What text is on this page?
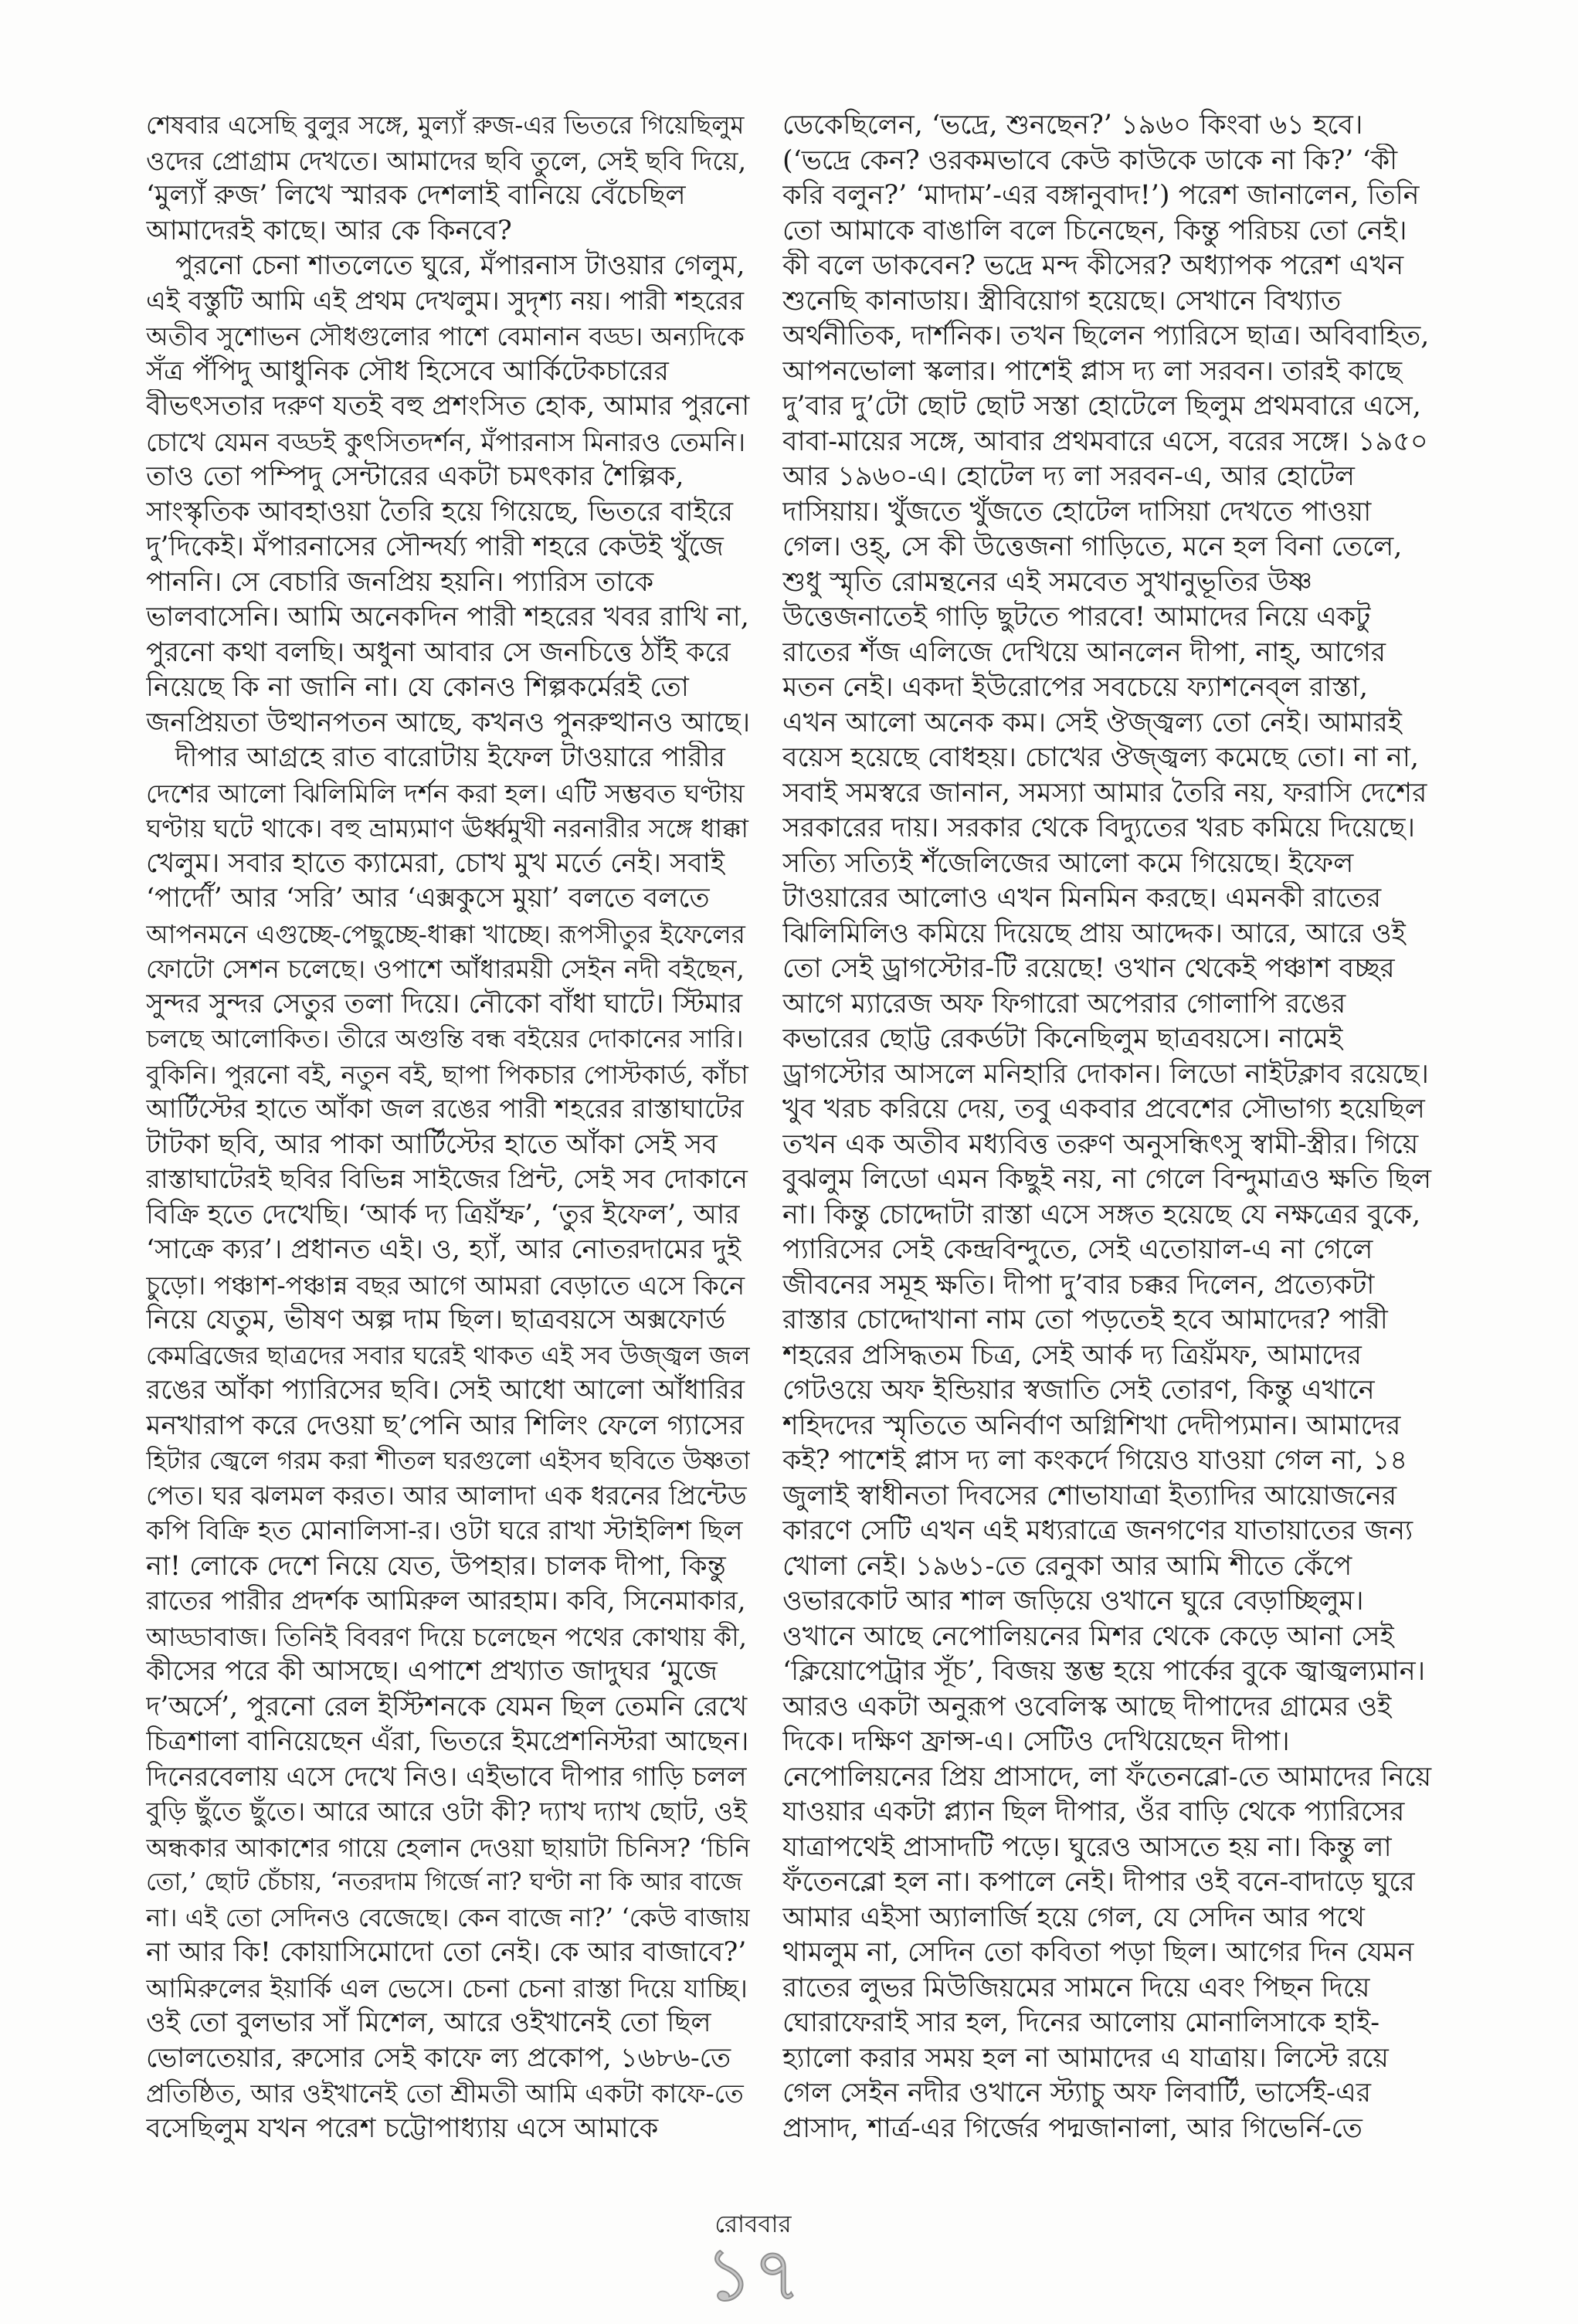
শেষবার এসেছি বুলুর সঙ্গে, মুল্যাঁ রুজ-এর ভিতরে গিয়েছিলুম
ওদের প্রোগ্রাম দেখতে। আমাদের ছবি তুলে, সেই ছবি দিয়ে,
‘মুল্যাঁ রুজ’ লিখে স্মারক দেশলাই বানিয়ে বেঁচেছিল
আমাদেরই কাছে। আর কে কিনবে?
পুরনো চেনা শাতলেতে ঘুরে, মঁপারনাস টাওয়ার গেলুম,
এই বস্তুটি আমি এই প্রথম দেখলুম। সুদৃশ্য নয়। পারী শহরের
অতীব সুশোভন সৌধগুলোর পাশে বেমানান বড্ড। অন্যদিকে
সঁত্র পঁপিদু আধুনিক সৌধ হিসেবে আর্কিটেকচারের
বীভৎসতার দরুণ যতই বহু প্রশংসিত হোক, আমার পুরনো
চোখে যেমন বড্ডই কুৎসিতদর্শন, মঁপারনাস মিনারও তেমনি।
তাও তো পম্পিদু সেন্টারের একটা চমৎকার শৈল্পিক,
সাংস্কৃতিক আবহাওয়া তৈরি হয়ে গিয়েছে, ভিতরে বাইরে
দু’দিকেই। মঁপারনাসের সৌন্দর্য্য পারী শহরে কেউই খুঁজে
পাননি। সে বেচারি জনপ্রিয় হয়নি। প্যারিস তাকে
ভালবাসেনি। আমি অনেকদিন পারী শহরের খবর রাখি না,
পুরনো কথা বলছি। অধুনা আবার সে জনচিত্তে ঠাঁই করে
নিয়েছে কি না জানি না। যে কোনও শিল্পকর্মেরই তো
জনপ্রিয়তা উত্থানপতন আছে, কখনও পুনরুত্থানও আছে।
দীপার আগ্রহে রাত বারোটায় ইফেল টাওয়ারে পারীর
দেশের আলো ঝিলিমিলি দর্শন করা হল। এটি সম্ভবত ঘণ্টায়
ঘণ্টায় ঘটে থাকে। বহু ভ্রাম্যমাণ ঊর্ধ্বমুখী নরনারীর সঙ্গে ধাক্কা
খেলুম। সবার হাতে ক্যামেরা, চোখ মুখ মর্তে নেই। সবাই
‘পার্দোঁ’ আর ‘সরি’ আর ‘এক্সকুসে মুয়া’ বলতে বলতে
আপনমনে এগুচ্ছে-পেছুচ্ছে-ধাক্কা খাচ্ছে। রূপসীতুর ইফেলের
ফোটো সেশন চলেছে। ওপাশে আঁধারময়ী সেইন নদী বইছেন,
সুন্দর সুন্দর সেতুর তলা দিয়ে। নৌকো বাঁধা ঘাটে। স্টিমার
চলছে আলোকিত। তীরে অগুন্তি বন্ধ বইয়ের দোকানের সারি।
বুকিনি। পুরনো বই, নতুন বই, ছাপা পিকচার পোস্টকার্ড, কাঁচা
আর্টিস্টের হাতে আঁকা জল রঙের পারী শহরের রাস্তাঘাটের
টাটকা ছবি, আর পাকা আর্টিস্টের হাতে আঁকা সেই সব
রাস্তাঘাটেরই ছবির বিভিন্ন সাইজের প্রিন্ট, সেই সব দোকানে
বিক্রি হতে দেখেছি। ‘আর্ক দ্য ত্রিয়ঁম্ফ’, ‘তুর ইফেল’, আর
‘সাক্রে ক্যর’। প্রধানত এই। ও, হ্যাঁ, আর নোতরদামের দুই
চুড়ো। পঞ্চাশ-পঞ্চান্ন বছর আগে আমরা বেড়াতে এসে কিনে
নিয়ে যেতুম, ভীষণ অল্প দাম ছিল। ছাত্রবয়সে অক্সফোর্ড
কেমব্রিজের ছাত্রদের সবার ঘরেই থাকত এই সব উজ্জ্বল জল
রঙের আঁকা প্যারিসের ছবি। সেই আধো আলো আঁধারির
মনখারাপ করে দেওয়া ছ’পেনি আর শিলিং ফেলে গ্যাসের
হিটার জ্বেলে গরম করা শীতল ঘরগুলো এইসব ছবিতে উষ্ণতা
পেত। ঘর ঝলমল করত। আর আলাদা এক ধরনের প্রিন্টেড
কপি বিক্রি হত মোনালিসা-র। ওটা ঘরে রাখা স্টাইলিশ ছিল
না! লোকে দেশে নিয়ে যেত, উপহার। চালক দীপা, কিন্তু
রাতের পারীর প্রদর্শক আমিরুল আরহাম। কবি, সিনেমাকার,
আড্ডাবাজ। তিনিই বিবরণ দিয়ে চলেছেন পথের কোথায় কী,
কীসের পরে কী আসছে। এপাশে প্রখ্যাত জাদুঘর ‘মুজে
দ’অর্সে’, পুরনো রেল ইস্টিশনকে যেমন ছিল তেমনি রেখে
চিত্রশালা বানিয়েছেন এঁরা, ভিতরে ইমপ্রেশনিস্টরা আছেন।
দিনেরবেলায় এসে দেখে নিও। এইভাবে দীপার গাড়ি চলল
বুড়ি ছুঁতে ছুঁতে। আরে আরে ওটা কী? দ্যাখ দ্যাখ ছোট, ওই
অন্ধকার আকাশের গায়ে হেলান দেওয়া ছায়াটা চিনিস? ‘চিনি
তো,’ ছোট চেঁচায়, ‘নতরদাম গির্জে না? ঘণ্টা না কি আর বাজে
না। এই তো সেদিনও বেজেছে। কেন বাজে না?’ ‘কেউ বাজায়
না আর কি! কোয়াসিমোদো তো নেই। কে আর বাজাবে?’
আমিরুলের ইয়ার্কি এল ভেসে। চেনা চেনা রাস্তা দিয়ে যাচ্ছি।
ওই তো বুলভার সাঁ মিশেল, আরে ওইখানেই তো ছিল
ভোলতেয়ার, রুসোর সেই কাফে ল্য প্রকোপ, ১৬৮৬-তে
প্রতিষ্ঠিত, আর ওইখানেই তো শ্রীমতী আমি একটা কাফে-তে
বসেছিলুম যখন পরেশ চট্টোপাধ্যায় এসে আমাকে
ডেকেছিলেন, ‘ভদ্রে, শুনছেন?’ ১৯৬০ কিংবা ৬১ হবে।
(‘ভদ্রে কেন? ওরকমভাবে কেউ কাউকে ডাকে না কি?’ ‘কী
করি বলুন?’ ‘মাদাম’-এর বঙ্গানুবাদ!’) পরেশ জানালেন, তিনি
তো আমাকে বাঙালি বলে চিনেছেন, কিন্তু পরিচয় তো নেই।
কী বলে ডাকবেন? ভদ্রে মন্দ কীসের? অধ্যাপক পরেশ এখন
শুনেছি কানাডায়। স্ত্রীবিয়োগ হয়েছে। সেখানে বিখ্যাত
অর্থনীতিক, দার্শনিক। তখন ছিলেন প্যারিসে ছাত্র। অবিবাহিত,
আপনভোলা স্কলার। পাশেই প্লাস দ্য লা সরবন। তারই কাছে
দু’বার দু’টো ছোট ছোট সস্তা হোটেলে ছিলুম প্রথমবারে এসে,
বাবা-মায়ের সঙ্গে, আবার প্রথমবারে এসে, বরের সঙ্গে। ১৯৫০
আর ১৯৬০-এ। হোটেল দ্য লা সরবন-এ, আর হোটেল
দাসিয়ায়। খুঁজতে খুঁজতে হোটেল দাসিয়া দেখতে পাওয়া
গেল। ওহ্, সে কী উত্তেজনা গাড়িতে, মনে হল বিনা তেলে,
শুধু স্মৃতি রোমন্থনের এই সমবেত সুখানুভূতির উষ্ণ
উত্তেজনাতেই গাড়ি ছুটতে পারবে! আমাদের নিয়ে একটু
রাতের শঁজ এলিজে দেখিয়ে আনলেন দীপা, নাহ্, আগের
মতন নেই। একদা ইউরোপের সবচেয়ে ফ্যাশনেব্‌ল রাস্তা,
এখন আলো অনেক কম। সেই ঔজ্জ্বল্য তো নেই। আমারই
বয়েস হয়েছে বোধহয়। চোখের ঔজ্জ্বল্য কমেছে তো। না না,
সবাই সমস্বরে জানান, সমস্যা আমার তৈরি নয়, ফরাসি দেশের
সরকারের দায়। সরকার থেকে বিদ্যুতের খরচ কমিয়ে দিয়েছে।
সত্যি সত্যিই শঁজেলিজের আলো কমে গিয়েছে। ইফেল
টাওয়ারের আলোও এখন মিনমিন করছে। এমনকী রাতের
ঝিলিমিলিও কমিয়ে দিয়েছে প্রায় আদ্দেক। আরে, আরে ওই
তো সেই ড্রাগস্টোর-টি রয়েছে! ওখান থেকেই পঞ্চাশ বচ্ছর
আগে ম্যারেজ অফ ফিগারো অপেরার গোলাপি রঙের
কভারের ছোট্ট রেকর্ডটা কিনেছিলুম ছাত্রবয়সে। নামেই
ড্রাগস্টোর আসলে মনিহারি দোকান। লিডো নাইটক্লাব রয়েছে।
খুব খরচ করিয়ে দেয়, তবু একবার প্রবেশের সৌভাগ্য হয়েছিল
তখন এক অতীব মধ্যবিত্ত তরুণ অনুসন্ধিৎসু স্বামী-স্ত্রীর। গিয়ে
বুঝলুম লিডো এমন কিছুই নয়, না গেলে বিন্দুমাত্রও ক্ষতি ছিল
না। কিন্তু চোদ্দোটা রাস্তা এসে সঙ্গত হয়েছে যে নক্ষত্রের বুকে,
প্যারিসের সেই কেন্দ্রবিন্দুতে, সেই এতোয়াল-এ না গেলে
জীবনের সমূহ ক্ষতি। দীপা দু’বার চক্কর দিলেন, প্রত্যেকটা
রাস্তার চোদ্দোখানা নাম তো পড়তেই হবে আমাদের? পারী
শহরের প্রসিদ্ধতম চিত্র, সেই আর্ক দ্য ত্রিয়ঁমফ, আমাদের
গেটওয়ে অফ ইন্ডিয়ার স্বজাতি সেই তোরণ, কিন্তু এখানে
শহিদদের স্মৃতিতে অনির্বাণ অগ্নিশিখা দেদীপ্যমান। আমাদের
কই? পাশেই প্লাস দ্য লা কংকর্দে গিয়েও যাওয়া গেল না, ১৪
জুলাই স্বাধীনতা দিবসের শোভাযাত্রা ইত্যাদির আয়োজনের
কারণে সেটি এখন এই মধ্যরাত্রে জনগণের যাতায়াতের জন্য
খোলা নেই। ১৯৬১-তে রেনুকা আর আমি শীতে কেঁপে
ওভারকোট আর শাল জড়িয়ে ওখানে ঘুরে বেড়াচ্ছিলুম।
ওখানে আছে নেপোলিয়নের মিশর থেকে কেড়ে আনা সেই
‘ক্লিয়োপেট্রার সূঁচ’, বিজয় স্তম্ভ হয়ে পার্কের বুকে জ্বাজ্বল্যমান।
আরও একটা অনুরূপ ওবেলিস্ক আছে দীপাদের গ্রামের ওই
দিকে। দক্ষিণ ফ্রান্স-এ। সেটিও দেখিয়েছেন দীপা।
নেপোলিয়নের প্রিয় প্রাসাদে, লা ফঁতেনব্লো-তে আমাদের নিয়ে
যাওয়ার একটা প্ল্যান ছিল দীপার, ওঁর বাড়ি থেকে প্যারিসের
যাত্রাপথেই প্রাসাদটি পড়ে। ঘুরেও আসতে হয় না। কিন্তু লা
ফঁতেনব্লো হল না। কপালে নেই। দীপার ওই বনে-বাদাড়ে ঘুরে
আমার এইসা অ্যালার্জি হয়ে গেল, যে সেদিন আর পথে
থামলুম না, সেদিন তো কবিতা পড়া ছিল। আগের দিন যেমন
রাতের লুভর মিউজিয়মের সামনে দিয়ে এবং পিছন দিয়ে
ঘোরাফেরাই সার হল, দিনের আলোয় মোনালিসাকে হাই-
হ্যালো করার সময় হল না আমাদের এ যাত্রায়। লিস্টে রয়ে
গেল সেইন নদীর ওখানে স্ট্যাচু অফ লিবার্টি, ভার্সেই-এর
প্রাসাদ, শার্ত্র-এর গির্জের পদ্মজানালা, আর গিভের্নি-তে
রোববার
১৭
